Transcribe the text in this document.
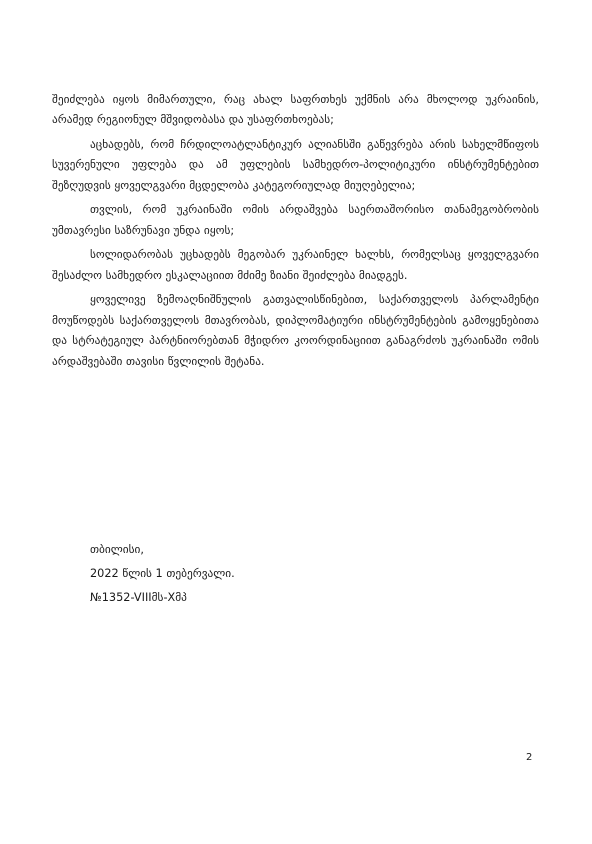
შეიძლება იყოს მიმართული, რაც ახალ საფრთხეს უქმნის არა მხოლოდ უკრაინის, არამედ რეგიონულ მშვიდობასა და უსაფრთხოებას;

აცხადებს, რომ ჩრდილოატლანტიკურ ალიანსში გაწევრება არის სახელმწიფოს სუვერენული უფლება და ამ უფლების სამხედრო-პოლიტიკური ინსტრუმენტებით შეზღუდვის ყოველგვარი მცდელობა კატეგორიულად მიუღებელია;

თვლის, რომ უკრაინაში ომის არდაშვება საერთაშორისო თანამეგობრობის უმთავრესი საზრუნავი უნდა იყოს;

სოლიდარობას უცხადებს მეგობარ უკრაინელ ხალხს, რომელსაც ყოველგვარი შესაძლო სამხედრო ესკალაციით მძიმე ზიანი შეიძლება მიადგეს.

ყოველივე ზემოაღნიშნულის გათვალისწინებით, საქართველოს პარლამენტი მოუწოდებს საქართველოს მთავრობას, დიპლომატიური ინსტრუმენტების გამოყენებითა და სტრატეგიულ პარტნიორებთან მჭიდრო კოორდინაციით განაგრძოს უკრაინაში ომის არდაშვებაში თავისი წვლილის შეტანა.

თბილისი,
2022 წლის 1 თებერვალი.
№1352-VIIIმს-Xმპ
2
